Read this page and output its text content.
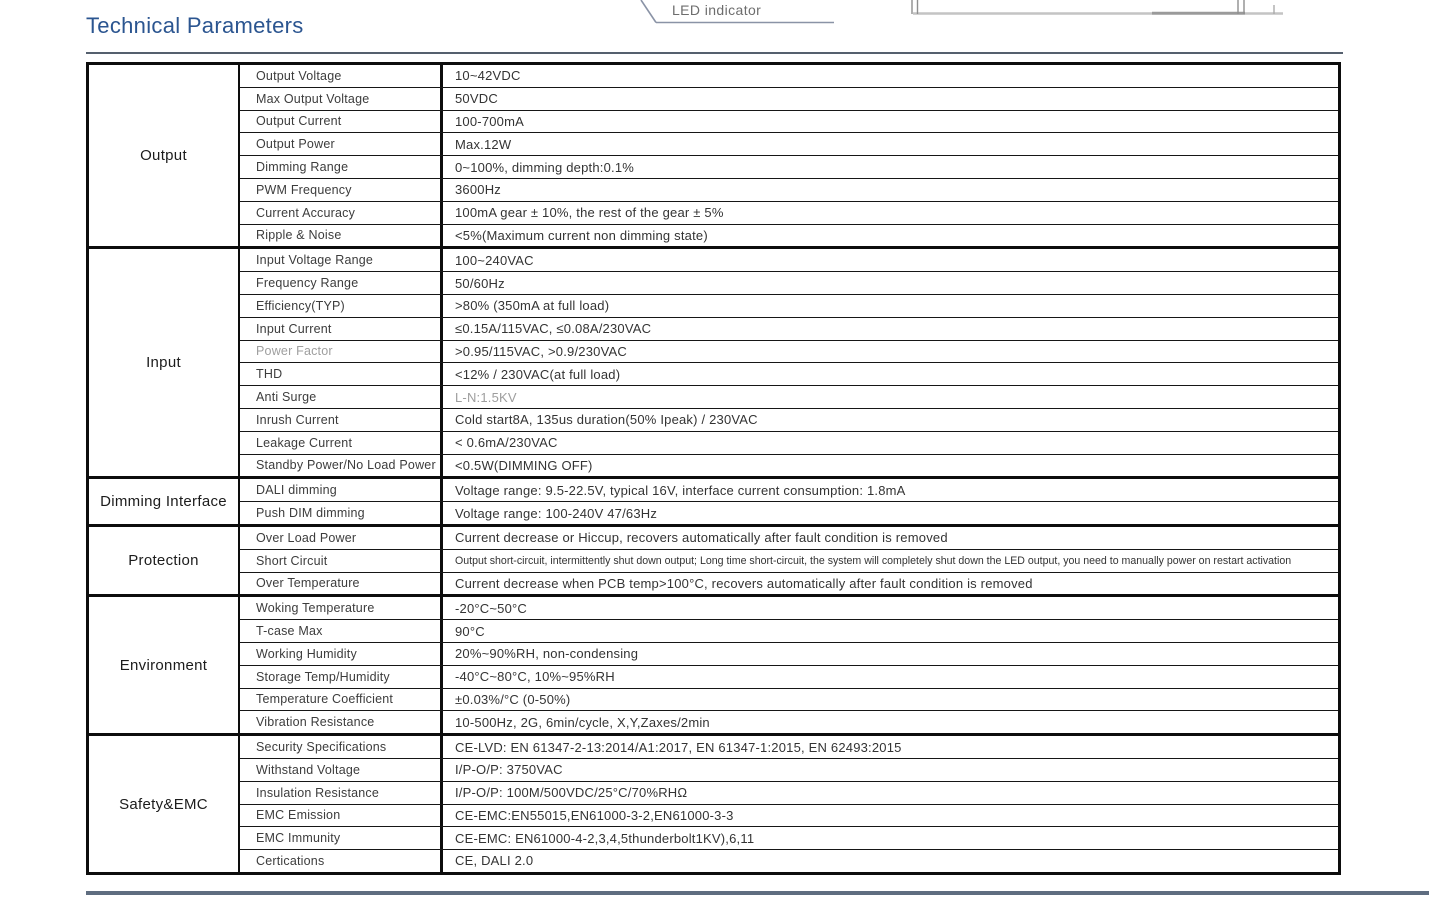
LED indicator
Technical Parameters
Output
Output Voltage	10~42VDC
Max Output Voltage	50VDC
Output Current	100-700mA
Output Power	Max.12W
Dimming Range	0~100%, dimming depth:0.1%
PWM Frequency	3600Hz
Current Accuracy	100mA gear ± 10%, the rest of the gear ± 5%
Ripple & Noise	<5%(Maximum current non dimming state)
Input
Input Voltage Range	100~240VAC
Frequency Range	50/60Hz
Efficiency(TYP)	>80% (350mA at full load)
Input Current	≤0.15A/115VAC, ≤0.08A/230VAC
Power Factor	>0.95/115VAC, >0.9/230VAC
THD	<12% / 230VAC(at full load)
Anti Surge	L-N:1.5KV
Inrush Current	Cold start8A, 135us duration(50% Ipeak) / 230VAC
Leakage Current	< 0.6mA/230VAC
Standby Power/No Load Power	<0.5W(DIMMING OFF)
Dimming Interface
DALI dimming	Voltage range: 9.5-22.5V, typical 16V, interface current consumption: 1.8mA
Push DIM dimming	Voltage range: 100-240V 47/63Hz
Protection
Over Load Power	Current decrease or Hiccup, recovers automatically after fault condition is removed
Short Circuit	Output short-circuit, intermittently shut down output; Long time short-circuit, the system will completely shut down the LED output, you need to manually power on restart activation
Over Temperature	Current decrease when PCB temp>100°C, recovers automatically after fault condition is removed
Environment
Woking Temperature	-20°C~50°C
T-case Max	90°C
Working Humidity	20%~90%RH, non-condensing
Storage Temp/Humidity	-40°C~80°C, 10%~95%RH
Temperature Coefficient	±0.03%/°C (0-50%)
Vibration Resistance	10-500Hz, 2G, 6min/cycle, X,Y,Zaxes/2min
Safety&EMC
Security Specifications	CE-LVD: EN 61347-2-13:2014/A1:2017, EN 61347-1:2015, EN 62493:2015
Withstand Voltage	I/P-O/P: 3750VAC
Insulation Resistance	I/P-O/P: 100M/500VDC/25°C/70%RHΩ
EMC Emission	CE-EMC:EN55015,EN61000-3-2,EN61000-3-3
EMC Immunity	CE-EMC: EN61000-4-2,3,4,5thunderbolt1KV),6,11
Certications	CE, DALI 2.0
